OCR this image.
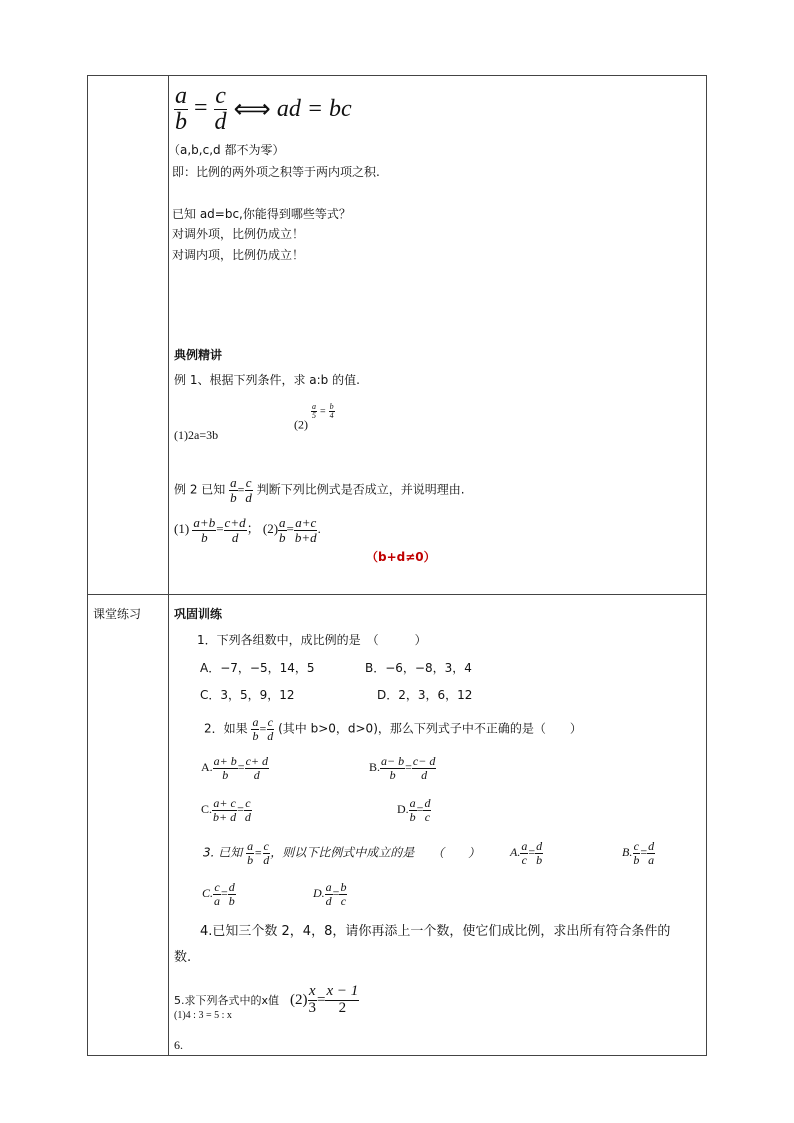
$\frac{a}{b} = \frac{c}{d}$ ⟺ ad = bc
（a,b,c,d 都不为零）
即：比例的两外项之积等于两内项之积.
已知 ad=bc,你能得到哪些等式？
对调外项，比例仍成立！
对调内项，比例仍成立！
典例精讲
例 1、根据下列条件，求 a:b 的值.
(1)2a=3b
(2)
$\frac{a}{5} = \frac{b}{4}$
例 2 已知 $\frac{a}{b} = \frac{c}{d}$ 判断下列比例式是否成立，并说明理由.
$(1) \frac{a+b}{b} = \frac{c+d}{d}$ ； $(2) \frac{a}{b} = \frac{a+c}{b+d}$ .
（b+d≠0）
课堂练习	巩固训练
1．下列各组数中，成比例的是　（　　　）
A．−7，−5，14，5	B．−6，−8，3，4
C．3，5，9，12	D．2，3，6，12
2．如果 $\frac{a}{b} = \frac{c}{d}$ (其中 b>0，d>0)，那么下列式子中不正确的是（　　）
A. $\frac{a+ b}{b} = \frac{c+ d}{d}$	B. $\frac{a- b}{b} = \frac{c- d}{d}$
C. $\frac{a+ c}{b+ d} = \frac{c}{d}$	D. $\frac{a}{b} = \frac{d}{c}$
3. 已知 $\frac{a}{b} = \frac{c}{d}$ ，则以下比例式中成立的是 （　　） A. $\frac{a}{c} = \frac{d}{b}$	B. $\frac{c}{b} = \frac{d}{a}$
C. $\frac{c}{a} = \frac{d}{b}$	D. $\frac{a}{d} = \frac{b}{c}$
4.已知三个数 2，4，8，请你再添上一个数，使它们成比例，求出所有符合条件的
数.
5.求下列各式中的x值
(1)4 : 3 = 5 : x
$(2) \frac{x}{3} = \frac{x - 1}{2}$
6.
